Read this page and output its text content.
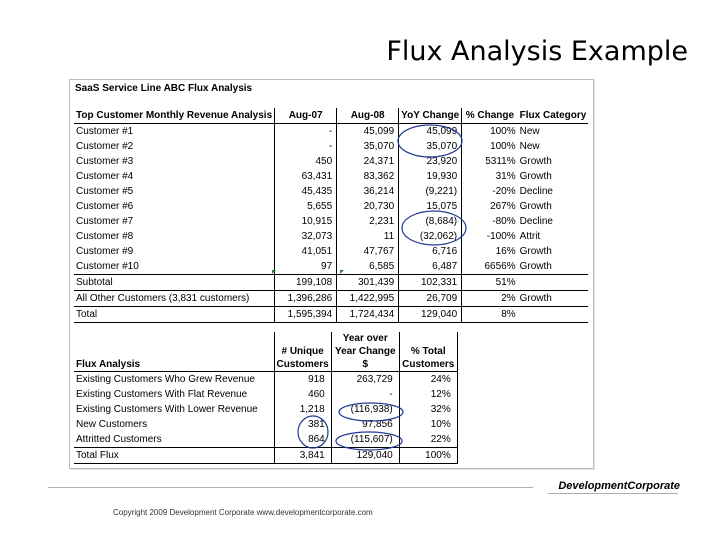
Flux Analysis Example
SaaS Service Line ABC Flux Analysis
Top Customer Monthly Revenue Analysis	Aug-07	Aug-08	YoY Change	% Change	Flux Category
Customer #1	-	45,099	45,099	100%	New
Customer #2	-	35,070	35,070	100%	New
Customer #3	450	24,371	23,920	5311%	Growth
Customer #4	63,431	83,362	19,930	31%	Growth
Customer #5	45,435	36,214	(9,221)	-20%	Decline
Customer #6	5,655	20,730	15,075	267%	Growth
Customer #7	10,915	2,231	(8,684)	-80%	Decline
Customer #8	32,073	11	(32,062)	-100%	Attrit
Customer #9	41,051	47,767	6,716	16%	Growth
Customer #10	97	6,585	6,487	6656%	Growth
Subtotal	199,108	301,439	102,331	51%	
All Other Customers (3,831 customers)	1,396,286	1,422,995	26,709	2%	Growth
Total	1,595,394	1,724,434	129,040	8%	
		Year over	
	# Unique	Year Change	% Total
Flux Analysis	Customers	$	Customers
Existing Customers Who Grew Revenue	918	263,729	24%
Existing Customers With Flat Revenue	460	-	12%
Existing Customers With Lower Revenue	1,218	(116,938)	32%
New Customers	381	97,856	10%
Attritted Customers	864	(115,607)	22%
Total Flux	3,841	129,040	100%
DevelopmentCorporate
Copyright 2009 Development Corporate www.developmentcorporate.com
